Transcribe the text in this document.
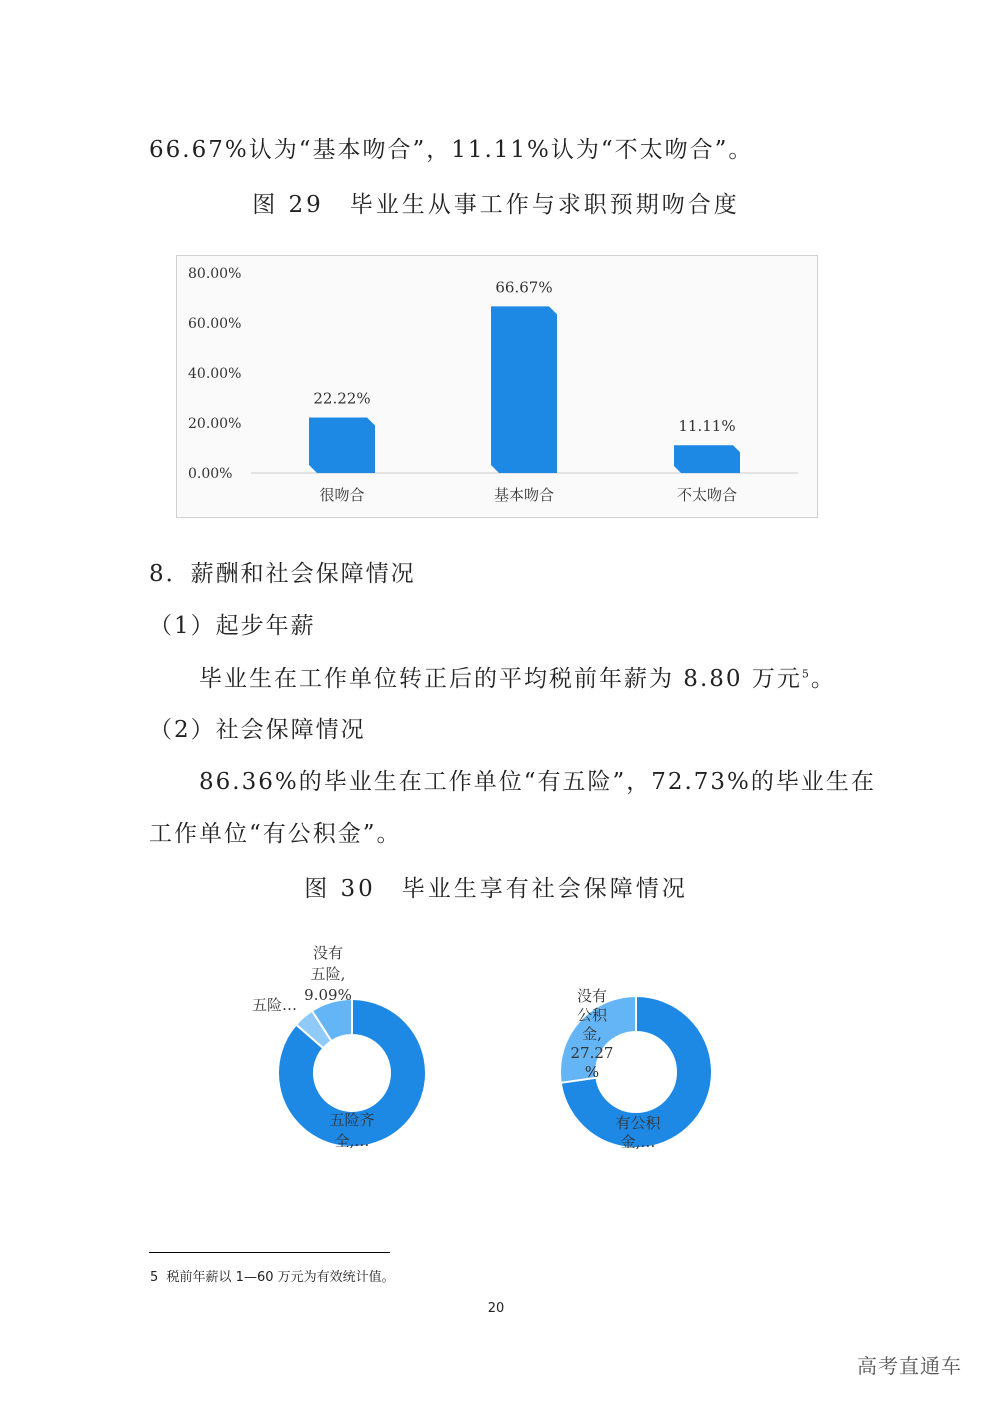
66.67%认为“基本吻合”，11.11%认为“不太吻合”。
图 29　毕业生从事工作与求职预期吻合度
0.00%
20.00%
40.00%
60.00%
80.00%
22.22%
很吻合
66.67%
基本吻合
11.11%
不太吻合
没有
五险,
9.09%
五险…
五险齐
全,…
没有
公积
金,
27.27
%
有公积
金,…
8．薪酬和社会保障情况
（1）起步年薪
毕业生在工作单位转正后的平均税前年薪为 8.80 万元$^5$。
（2）社会保障情况
86.36%的毕业生在工作单位“有五险”，72.73%的毕业生在
工作单位“有公积金”。
图 30　毕业生享有社会保障情况
5 税前年薪以 1—60 万元为有效统计值。
20
高考直通车
